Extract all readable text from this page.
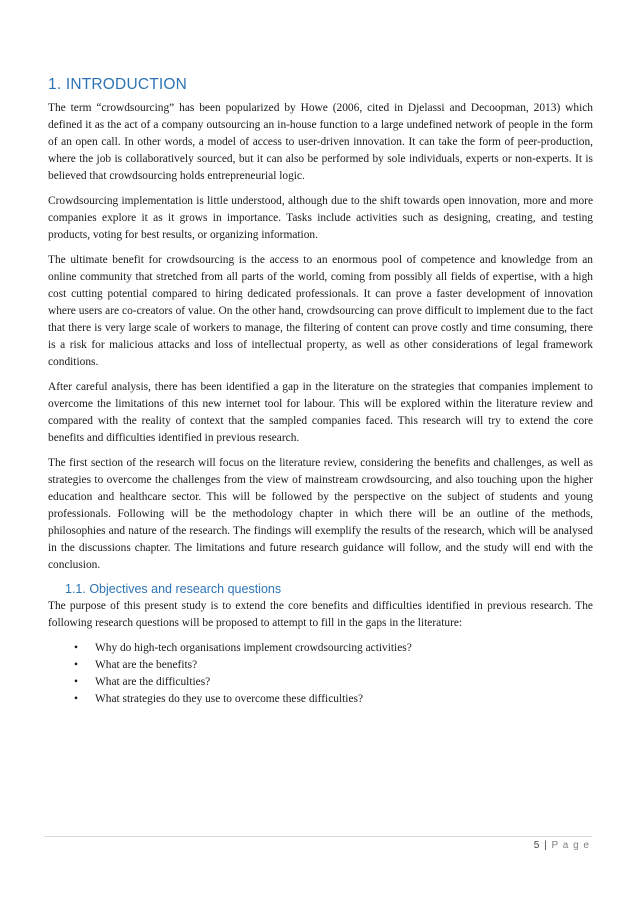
1. INTRODUCTION

The term “crowdsourcing” has been popularized by Howe (2006, cited in Djelassi and Decoopman, 2013) which defined it as the act of a company outsourcing an in-house function to a large undefined network of people in the form of an open call. In other words, a model of access to user-driven innovation. It can take the form of peer-production, where the job is collaboratively sourced, but it can also be performed by sole individuals, experts or non-experts. It is believed that crowdsourcing holds entrepreneurial logic.

Crowdsourcing implementation is little understood, although due to the shift towards open innovation, more and more companies explore it as it grows in importance. Tasks include activities such as designing, creating, and testing products, voting for best results, or organizing information.

The ultimate benefit for crowdsourcing is the access to an enormous pool of competence and knowledge from an online community that stretched from all parts of the world, coming from possibly all fields of expertise, with a high cost cutting potential compared to hiring dedicated professionals. It can prove a faster development of innovation where users are co-creators of value. On the other hand, crowdsourcing can prove difficult to implement due to the fact that there is very large scale of workers to manage, the filtering of content can prove costly and time consuming, there is a risk for malicious attacks and loss of intellectual property, as well as other considerations of legal framework conditions.

After careful analysis, there has been identified a gap in the literature on the strategies that companies implement to overcome the limitations of this new internet tool for labour. This will be explored within the literature review and compared with the reality of context that the sampled companies faced. This research will try to extend the core benefits and difficulties identified in previous research.

The first section of the research will focus on the literature review, considering the benefits and challenges, as well as strategies to overcome the challenges from the view of mainstream crowdsourcing, and also touching upon the higher education and healthcare sector. This will be followed by the perspective on the subject of students and young professionals. Following will be the methodology chapter in which there will be an outline of the methods, philosophies and nature of the research. The findings will exemplify the results of the research, which will be analysed in the discussions chapter. The limitations and future research guidance will follow, and the study will end with the conclusion.

1.1. Objectives and research questions

The purpose of this present study is to extend the core benefits and difficulties identified in previous research. The following research questions will be proposed to attempt to fill in the gaps in the literature:

• Why do high-tech organisations implement crowdsourcing activities?
• What are the benefits?
• What are the difficulties?
• What strategies do they use to overcome these difficulties?
5 | P a g e
